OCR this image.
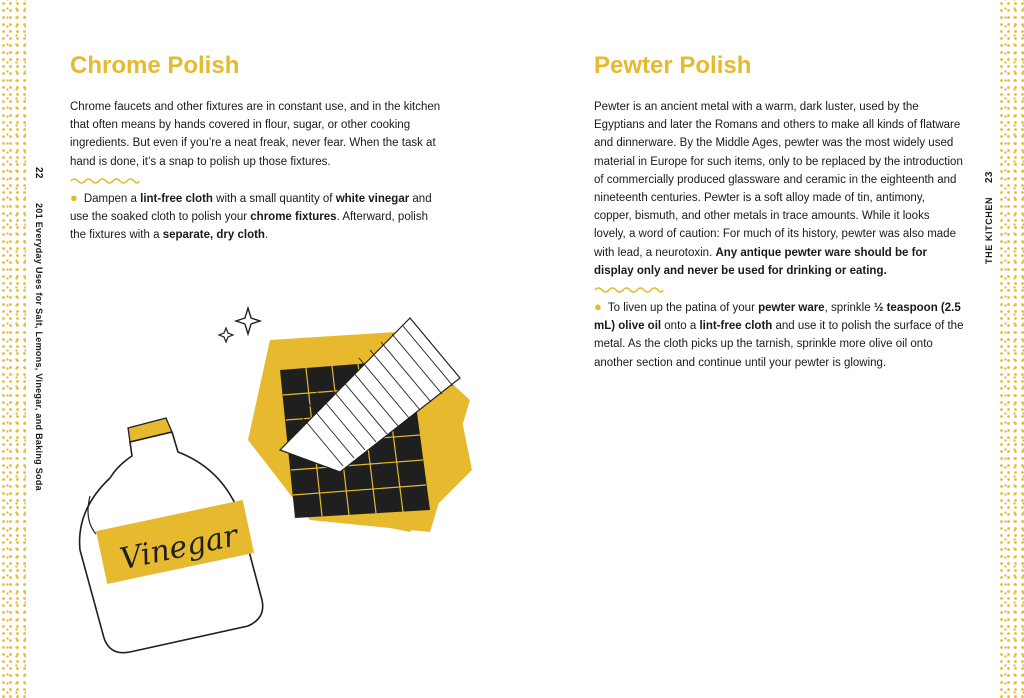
22
201 Everyday Uses for Salt, Lemons, Vinegar, and Baking Soda
23
THE KITCHEN
Chrome Polish

Chrome faucets and other fixtures are in constant use, and in the kitchen that often means by hands covered in flour, sugar, or other cooking ingredients. But even if you’re a neat freak, never fear. When the task at hand is done, it’s a snap to polish up those fixtures.

● Dampen a lint-free cloth with a small quantity of white vinegar and use the soaked cloth to polish your chrome fixtures. Afterward, polish the fixtures with a separate, dry cloth.
Vinegar
Pewter Polish

Pewter is an ancient metal with a warm, dark luster, used by the Egyptians and later the Romans and others to make all kinds of flatware and dinnerware. By the Middle Ages, pewter was the most widely used material in Europe for such items, only to be replaced by the introduction of commercially produced glassware and ceramic in the eighteenth and nineteenth centuries. Pewter is a soft alloy made of tin, antimony, copper, bismuth, and other metals in trace amounts. While it looks lovely, a word of caution: For much of its history, pewter was also made with lead, a neurotoxin. Any antique pewter ware should be for display only and never be used for drinking or eating.

● To liven up the patina of your pewter ware, sprinkle ½ teaspoon (2.5 mL) olive oil onto a lint-free cloth and use it to polish the surface of the metal. As the cloth picks up the tarnish, sprinkle more olive oil onto another section and continue until your pewter is glowing.
